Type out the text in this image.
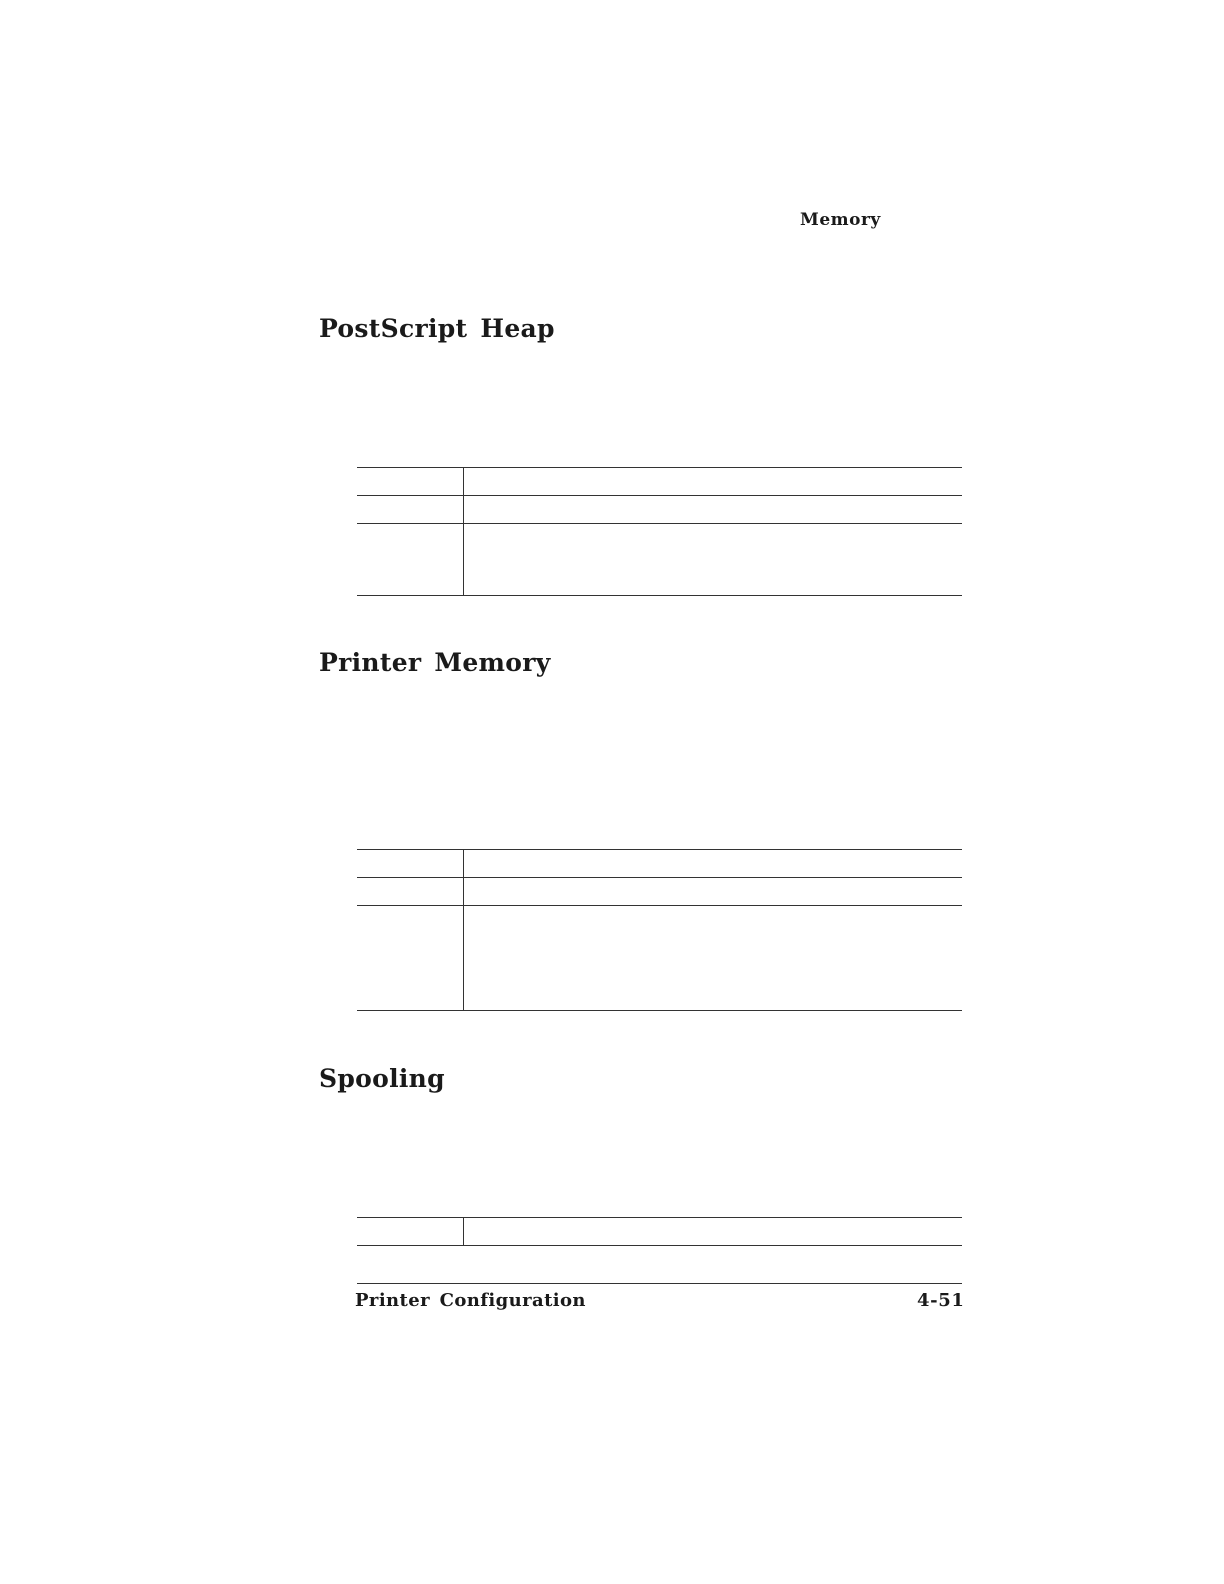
Memory
PostScript Heap

Printer Memory

Spooling

Printer Configuration	4-51
